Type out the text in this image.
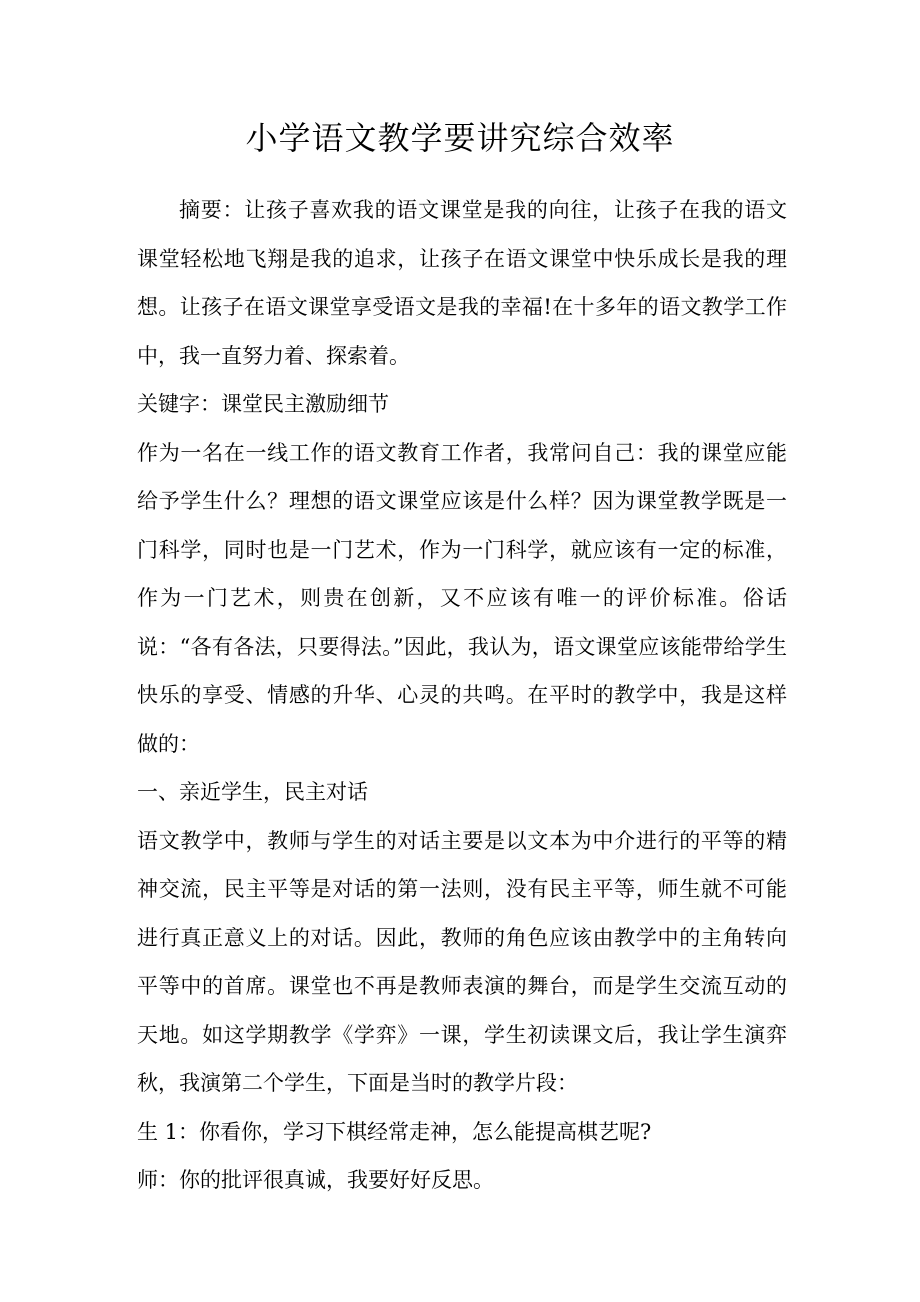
小学语文教学要讲究综合效率

摘要：让孩子喜欢我的语文课堂是我的向往，让孩子在我的语文课堂轻松地飞翔是我的追求，让孩子在语文课堂中快乐成长是我的理想。让孩子在语文课堂享受语文是我的幸福!在十多年的语文教学工作中，我一直努力着、探索着。

关键字：课堂民主激励细节

作为一名在一线工作的语文教育工作者，我常问自己：我的课堂应能给予学生什么？理想的语文课堂应该是什么样？因为课堂教学既是一门科学，同时也是一门艺术，作为一门科学，就应该有一定的标准，作为一门艺术，则贵在创新，又不应该有唯一的评价标准。俗话说：“各有各法，只要得法。”因此，我认为，语文课堂应该能带给学生快乐的享受、情感的升华、心灵的共鸣。在平时的教学中，我是这样做的：

一、亲近学生，民主对话

语文教学中，教师与学生的对话主要是以文本为中介进行的平等的精神交流，民主平等是对话的第一法则，没有民主平等，师生就不可能进行真正意义上的对话。因此，教师的角色应该由教学中的主角转向平等中的首席。课堂也不再是教师表演的舞台，而是学生交流互动的天地。如这学期教学《学弈》一课，学生初读课文后，我让学生演弈秋，我演第二个学生，下面是当时的教学片段：

生 1：你看你，学习下棋经常走神，怎么能提高棋艺呢?

师：你的批评很真诚，我要好好反思。
